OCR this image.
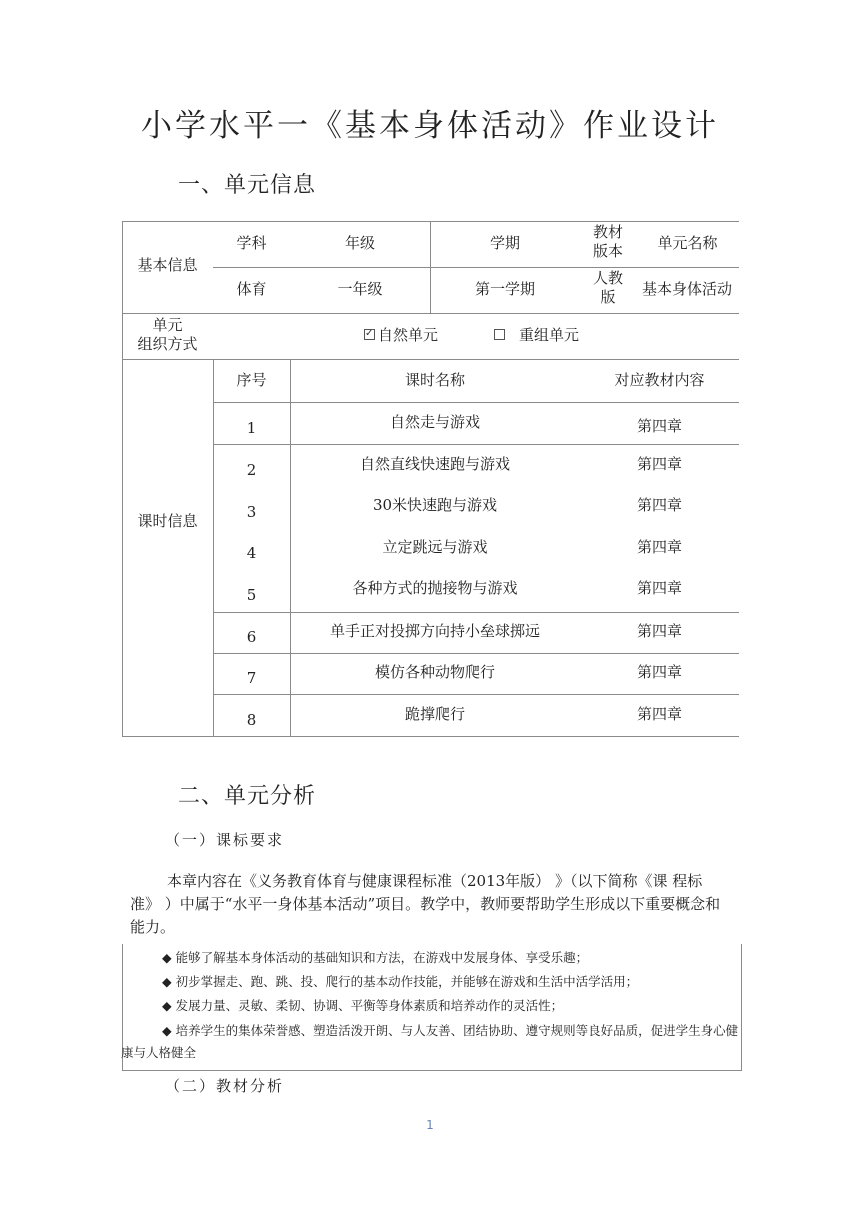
小学水平一《基本身体活动》作业设计
一、单元信息
基本信息
学科	年级	学期
教材
版本	单元名称
体育	一年级	第一学期
人教
版	基本身体活动
单元
组织方式
✓	自然单元	重组单元
课时信息
序号	课时名称	对应教材内容
1	自然走与游戏	第四章
2	自然直线快速跑与游戏	第四章
3	30米快速跑与游戏	第四章
4	立定跳远与游戏	第四章
5	各种方式的抛接物与游戏	第四章
6	单手正对投掷方向持小垒球掷远	第四章
7	模仿各种动物爬行	第四章
8	跪撑爬行	第四章
二、单元分析
（一）课标要求
本章内容在《义务教育体育与健康课程标准（2013年版） 》（以下简称《课 程标准》 ）中属于“水平一身体基本活动”项目。教学中，教师要帮助学生形成以下重要概念和能力。
◆ 能够了解基本身体活动的基础知识和方法，在游戏中发展身体、享受乐趣；
◆ 初步掌握走、跑、跳、投、爬行的基本动作技能，并能够在游戏和生活中活学活用；
◆ 发展力量、灵敏、柔韧、协调、平衡等身体素质和培养动作的灵活性；
◆ 培养学生的集体荣誉感、塑造活泼开朗、与人友善、团结协助、遵守规则等良好品质，促进学生身心健康与人格健全
（二）教材分析
1
